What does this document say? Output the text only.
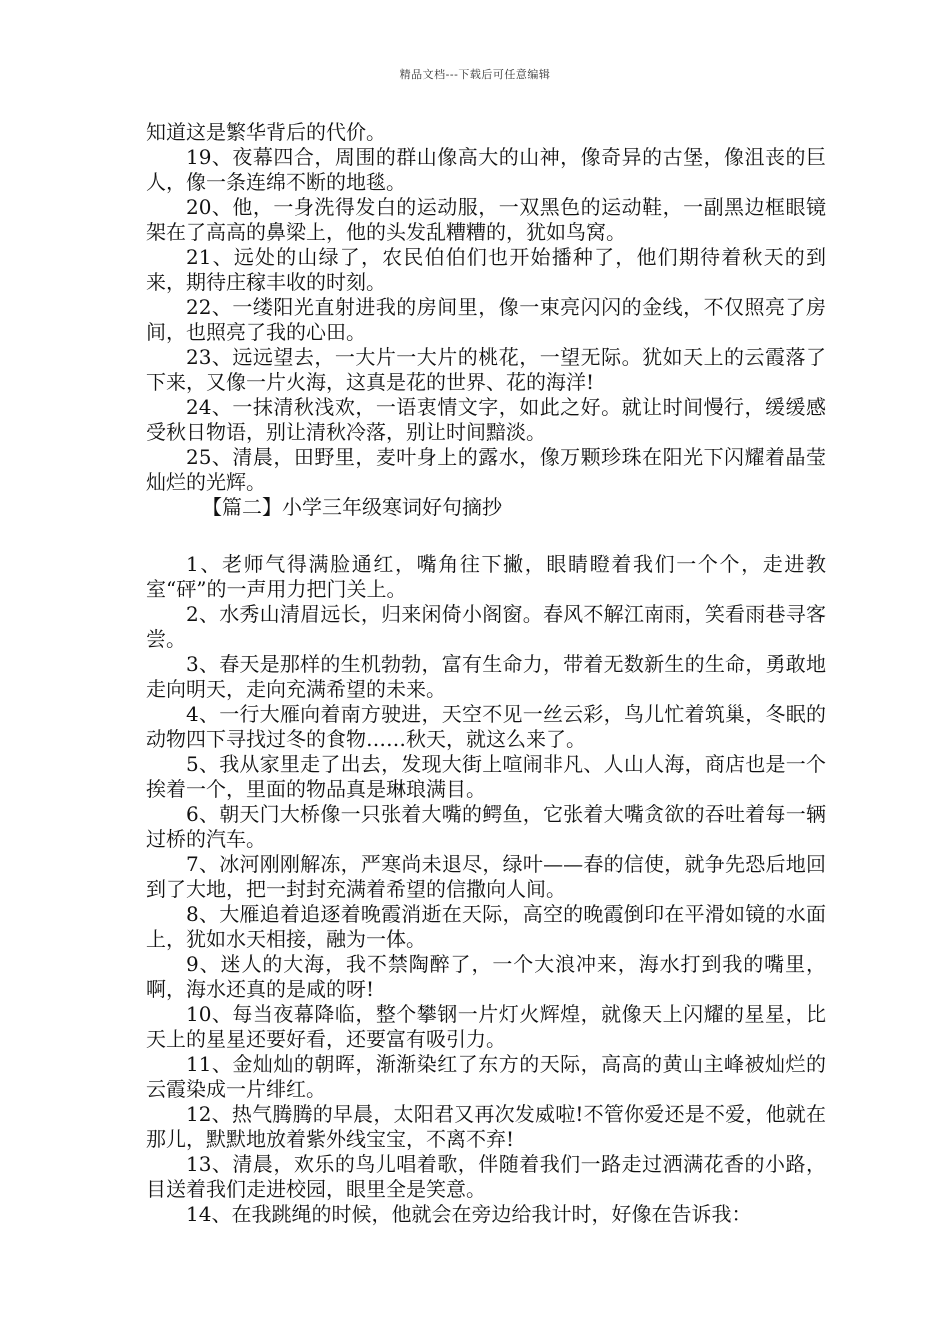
精品文档---下载后可任意编辑

知道这是繁华背后的代价。

19、夜幕四合，周围的群山像高大的山神，像奇异的古堡，像沮丧的巨人，像一条连绵不断的地毯。

20、他，一身洗得发白的运动服，一双黑色的运动鞋，一副黑边框眼镜架在了高高的鼻梁上，他的头发乱糟糟的，犹如鸟窝。

21、远处的山绿了，农民伯伯们也开始播种了，他们期待着秋天的到来，期待庄稼丰收的时刻。

22、一缕阳光直射进我的房间里，像一束亮闪闪的金线，不仅照亮了房间，也照亮了我的心田。

23、远远望去，一大片一大片的桃花，一望无际。犹如天上的云霞落了下来，又像一片火海，这真是花的世界、花的海洋!

24、一抹清秋浅欢，一语衷情文字，如此之好。就让时间慢行，缓缓感受秋日物语，别让清秋冷落，别让时间黯淡。

25、清晨，田野里，麦叶身上的露水，像万颗珍珠在阳光下闪耀着晶莹灿烂的光辉。

【篇二】小学三年级寒词好句摘抄

1、老师气得满脸通红，嘴角往下撇，眼睛瞪着我们一个个，走进教室“砰”的一声用力把门关上。

2、水秀山清眉远长，归来闲倚小阁窗。春风不解江南雨，笑看雨巷寻客尝。

3、春天是那样的生机勃勃，富有生命力，带着无数新生的生命，勇敢地走向明天，走向充满希望的未来。

4、一行大雁向着南方驶进，天空不见一丝云彩，鸟儿忙着筑巢，冬眠的动物四下寻找过冬的食物……秋天，就这么来了。

5、我从家里走了出去，发现大街上喧闹非凡、人山人海，商店也是一个挨着一个，里面的物品真是琳琅满目。

6、朝天门大桥像一只张着大嘴的鳄鱼，它张着大嘴贪欲的吞吐着每一辆过桥的汽车。

7、冰河刚刚解冻，严寒尚未退尽，绿叶——春的信使，就争先恐后地回到了大地，把一封封充满着希望的信撒向人间。

8、大雁追着追逐着晚霞消逝在天际，高空的晚霞倒印在平滑如镜的水面上，犹如水天相接，融为一体。

9、迷人的大海，我不禁陶醉了，一个大浪冲来，海水打到我的嘴里，啊，海水还真的是咸的呀!

10、每当夜幕降临，整个攀钢一片灯火辉煌，就像天上闪耀的星星，比天上的星星还要好看，还要富有吸引力。

11、金灿灿的朝晖，渐渐染红了东方的天际，高高的黄山主峰被灿烂的云霞染成一片绯红。

12、热气腾腾的早晨，太阳君又再次发威啦!不管你爱还是不爱，他就在那儿，默默地放着紫外线宝宝，不离不弃!

13、清晨，欢乐的鸟儿唱着歌，伴随着我们一路走过洒满花香的小路，目送着我们走进校园，眼里全是笑意。

14、在我跳绳的时候，他就会在旁边给我计时，好像在告诉我：
